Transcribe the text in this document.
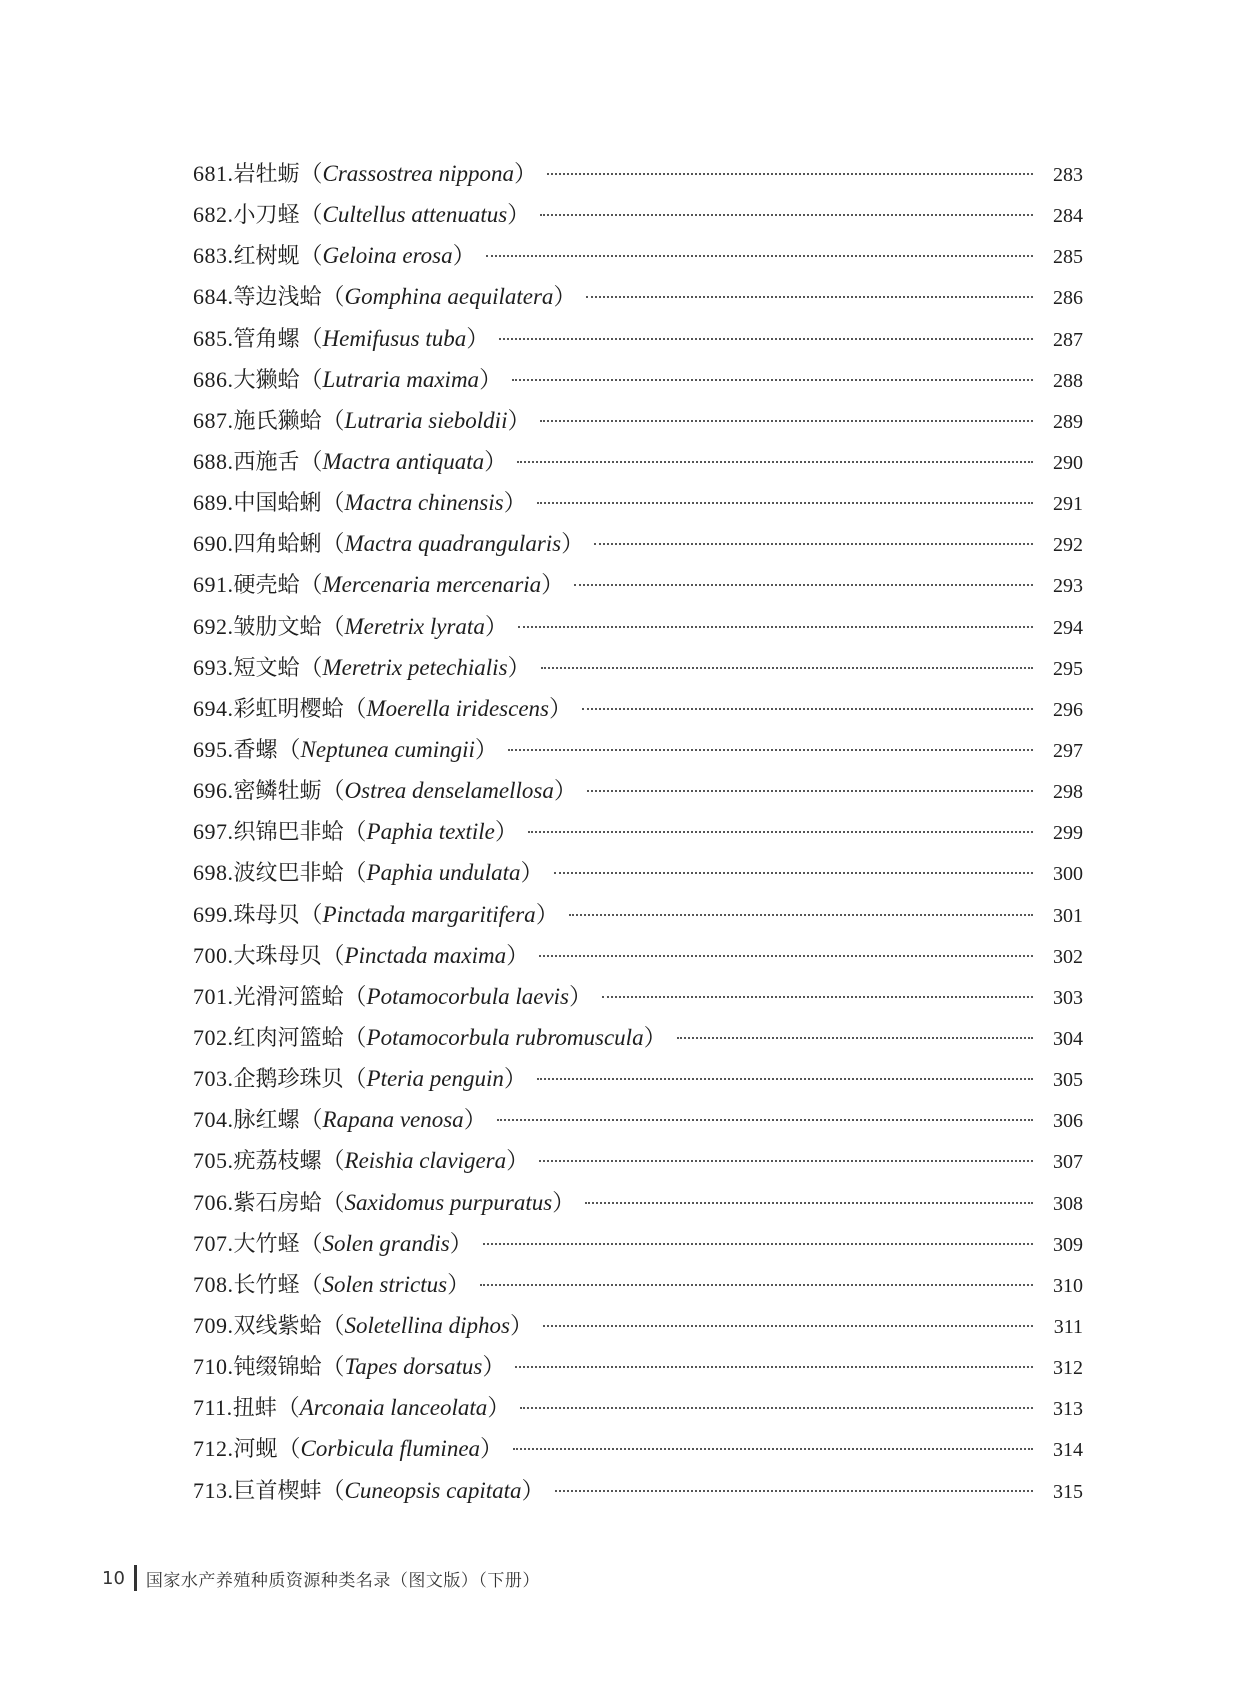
681.岩牡蛎（Crassostrea nippona）	283
682.小刀蛏（Cultellus attenuatus）	284
683.红树蚬（Geloina erosa）	285
684.等边浅蛤（Gomphina aequilatera）	286
685.管角螺（Hemifusus tuba）	287
686.大獭蛤（Lutraria maxima）	288
687.施氏獭蛤（Lutraria sieboldii）	289
688.西施舌（Mactra antiquata）	290
689.中国蛤蜊（Mactra chinensis）	291
690.四角蛤蜊（Mactra quadrangularis）	292
691.硬壳蛤（Mercenaria mercenaria）	293
692.皱肋文蛤（Meretrix lyrata）	294
693.短文蛤（Meretrix petechialis）	295
694.彩虹明樱蛤（Moerella iridescens）	296
695.香螺（Neptunea cumingii）	297
696.密鳞牡蛎（Ostrea denselamellosa）	298
697.织锦巴非蛤（Paphia textile）	299
698.波纹巴非蛤（Paphia undulata）	300
699.珠母贝（Pinctada margaritifera）	301
700.大珠母贝（Pinctada maxima）	302
701.光滑河篮蛤（Potamocorbula laevis）	303
702.红肉河篮蛤（Potamocorbula rubromuscula）	304
703.企鹅珍珠贝（Pteria penguin）	305
704.脉红螺（Rapana venosa）	306
705.疣荔枝螺（Reishia clavigera）	307
706.紫石房蛤（Saxidomus purpuratus）	308
707.大竹蛏（Solen grandis）	309
708.长竹蛏（Solen strictus）	310
709.双线紫蛤（Soletellina diphos）	311
710.钝缀锦蛤（Tapes dorsatus）	312
711.扭蚌（Arconaia lanceolata）	313
712.河蚬（Corbicula fluminea）	314
713.巨首楔蚌（Cuneopsis capitata）	315
10 国家水产养殖种质资源种类名录（图文版）（下册）
